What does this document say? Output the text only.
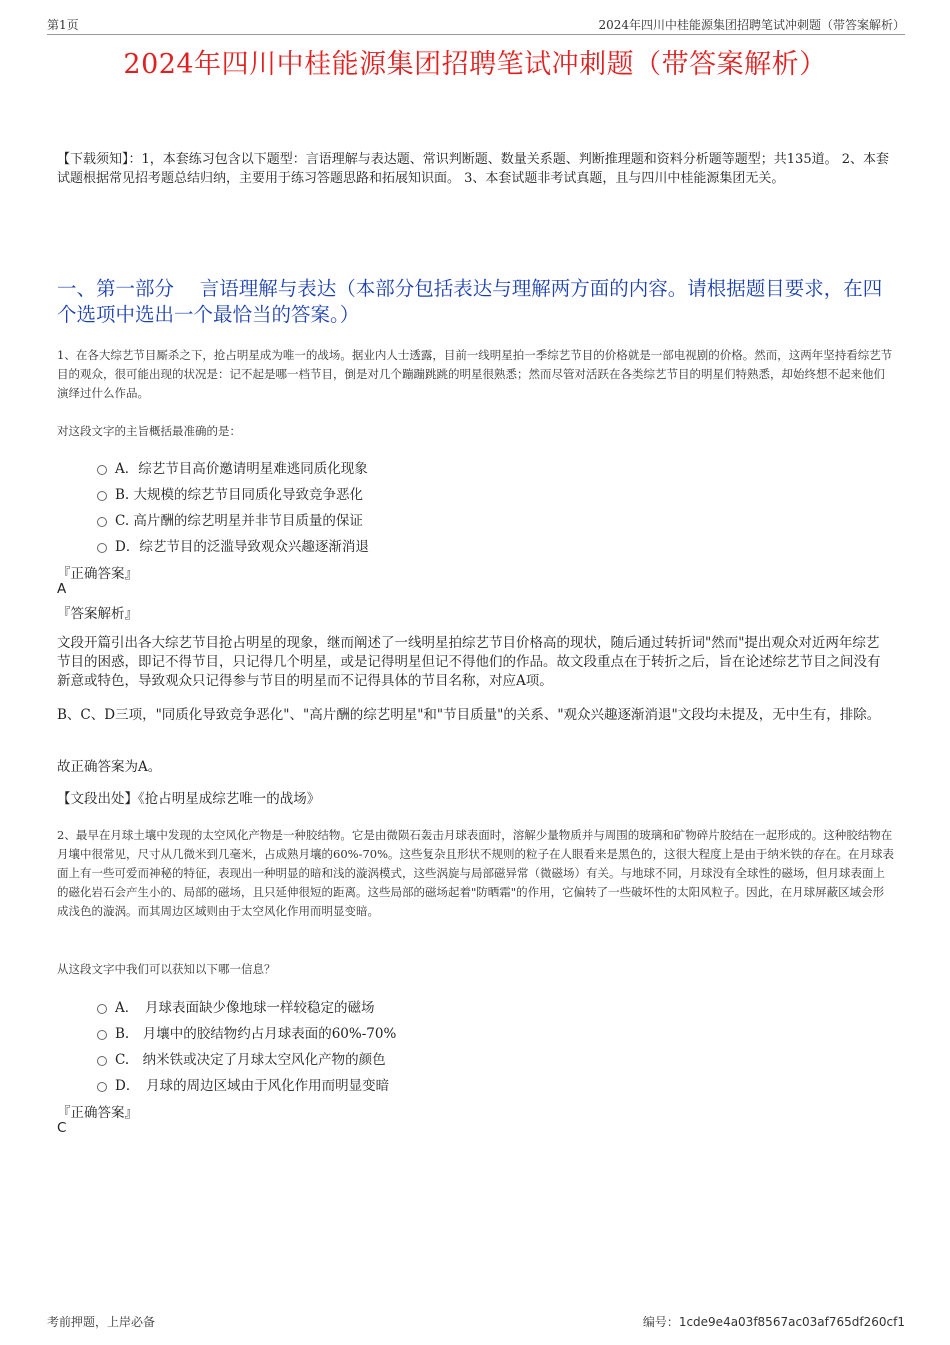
第1页	2024年四川中桂能源集团招聘笔试冲刺题（带答案解析）
2024年四川中桂能源集团招聘笔试冲刺题（带答案解析）
【下载须知】：1，本套练习包含以下题型：言语理解与表达题、常识判断题、数量关系题、判断推理题和资料分析题等题型；共135道。 2、本套试题根据常见招考题总结归纳，主要用于练习答题思路和拓展知识面。 3、本套试题非考试真题，且与四川中桂能源集团无关。
一、第一部分　 言语理解与表达（本部分包括表达与理解两方面的内容。请根据题目要求，在四个选项中选出一个最恰当的答案。）
1、在各大综艺节目厮杀之下，抢占明星成为唯一的战场。据业内人士透露，目前一线明星拍一季综艺节目的价格就是一部电视剧的价格。然而，这两年坚持看综艺节目的观众，很可能出现的状况是：记不起是哪一档节目，倒是对几个蹦蹦跳跳的明星很熟悉；然而尽管对活跃在各类综艺节目的明星们特熟悉，却始终想不起来他们演绎过什么作品。
对这段文字的主旨概括最准确的是：
A．综艺节目高价邀请明星难逃同质化现象
B. 大规模的综艺节目同质化导致竞争恶化
C. 高片酬的综艺明星并非节目质量的保证
D．综艺节目的泛滥导致观众兴趣逐渐消退
『正确答案』
A
『答案解析』
文段开篇引出各大综艺节目抢占明星的现象，继而阐述了一线明星拍综艺节目价格高的现状，随后通过转折词"然而"提出观众对近两年综艺节目的困惑，即记不得节目，只记得几个明星，或是记得明星但记不得他们的作品。故文段重点在于转折之后，旨在论述综艺节目之间没有新意或特色，导致观众只记得参与节目的明星而不记得具体的节目名称，对应A项。
B、C、D三项，"同质化导致竞争恶化"、"高片酬的综艺明星"和"节目质量"的关系、"观众兴趣逐渐消退"文段均未提及，无中生有，排除。
故正确答案为A。
【文段出处】《抢占明星成综艺唯一的战场》
2、最早在月球土壤中发现的太空风化产物是一种胶结物。它是由微陨石轰击月球表面时，溶解少量物质并与周围的玻璃和矿物碎片胶结在一起形成的。这种胶结物在月壤中很常见，尺寸从几微米到几毫米，占成熟月壤的60%-70%。这些复杂且形状不规则的粒子在人眼看来是黑色的，这很大程度上是由于纳米铁的存在。在月球表面上有一些可爱而神秘的特征，表现出一种明显的暗和浅的漩涡模式，这些涡旋与局部磁异常（微磁场）有关。与地球不同，月球没有全球性的磁场，但月球表面上的磁化岩石会产生小的、局部的磁场，且只延伸很短的距离。这些局部的磁场起着"防晒霜"的作用，它偏转了一些破坏性的太阳风粒子。因此，在月球屏蔽区域会形成浅色的漩涡。而其周边区域则由于太空风化作用而明显变暗。
从这段文字中我们可以获知以下哪一信息？
A．　月球表面缺少像地球一样较稳定的磁场
B.　月壤中的胶结物约占月球表面的60%-70%
C.　纳米铁或决定了月球太空风化产物的颜色
D．　月球的周边区域由于风化作用而明显变暗
『正确答案』
C
考前押题，上岸必备	编号：1cde9e4a03f8567ac03af765df260cf1
